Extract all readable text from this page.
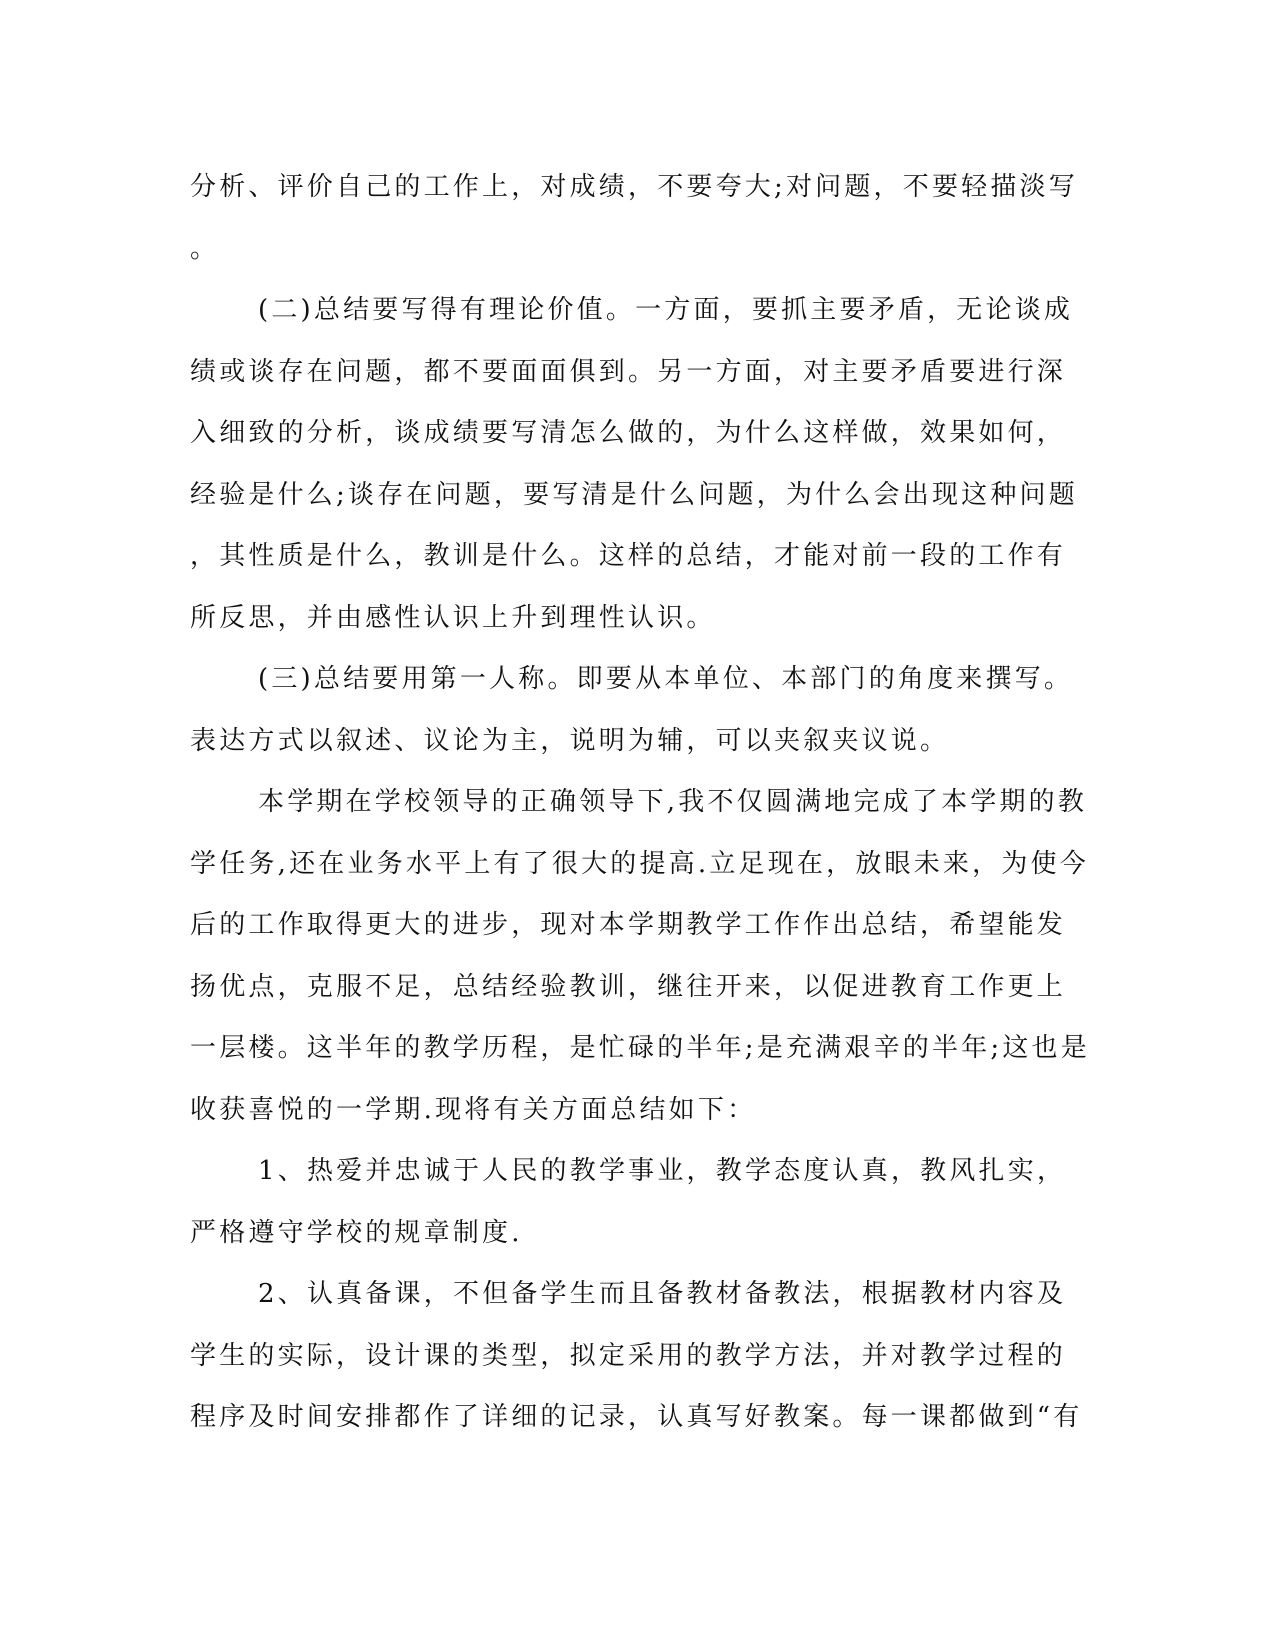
分析、评价自己的工作上，对成绩，不要夸大;对问题，不要轻描淡写
。
(二)总结要写得有理论价值。一方面，要抓主要矛盾，无论谈成
绩或谈存在问题，都不要面面俱到。另一方面，对主要矛盾要进行深
入细致的分析，谈成绩要写清怎么做的，为什么这样做，效果如何，
经验是什么;谈存在问题，要写清是什么问题，为什么会出现这种问题
，其性质是什么，教训是什么。这样的总结，才能对前一段的工作有
所反思，并由感性认识上升到理性认识。
(三)总结要用第一人称。即要从本单位、本部门的角度来撰写。
表达方式以叙述、议论为主，说明为辅，可以夹叙夹议说。
本学期在学校领导的正确领导下,我不仅圆满地完成了本学期的教
学任务,还在业务水平上有了很大的提高.立足现在，放眼未来，为使今
后的工作取得更大的进步，现对本学期教学工作作出总结，希望能发
扬优点，克服不足，总结经验教训，继往开来，以促进教育工作更上
一层楼。这半年的教学历程，是忙碌的半年;是充满艰辛的半年;这也是
收获喜悦的一学期.现将有关方面总结如下：
1、热爱并忠诚于人民的教学事业，教学态度认真，教风扎实，
严格遵守学校的规章制度.
2、认真备课，不但备学生而且备教材备教法，根据教材内容及
学生的实际，设计课的类型，拟定采用的教学方法，并对教学过程的
程序及时间安排都作了详细的记录，认真写好教案。每一课都做到“有
